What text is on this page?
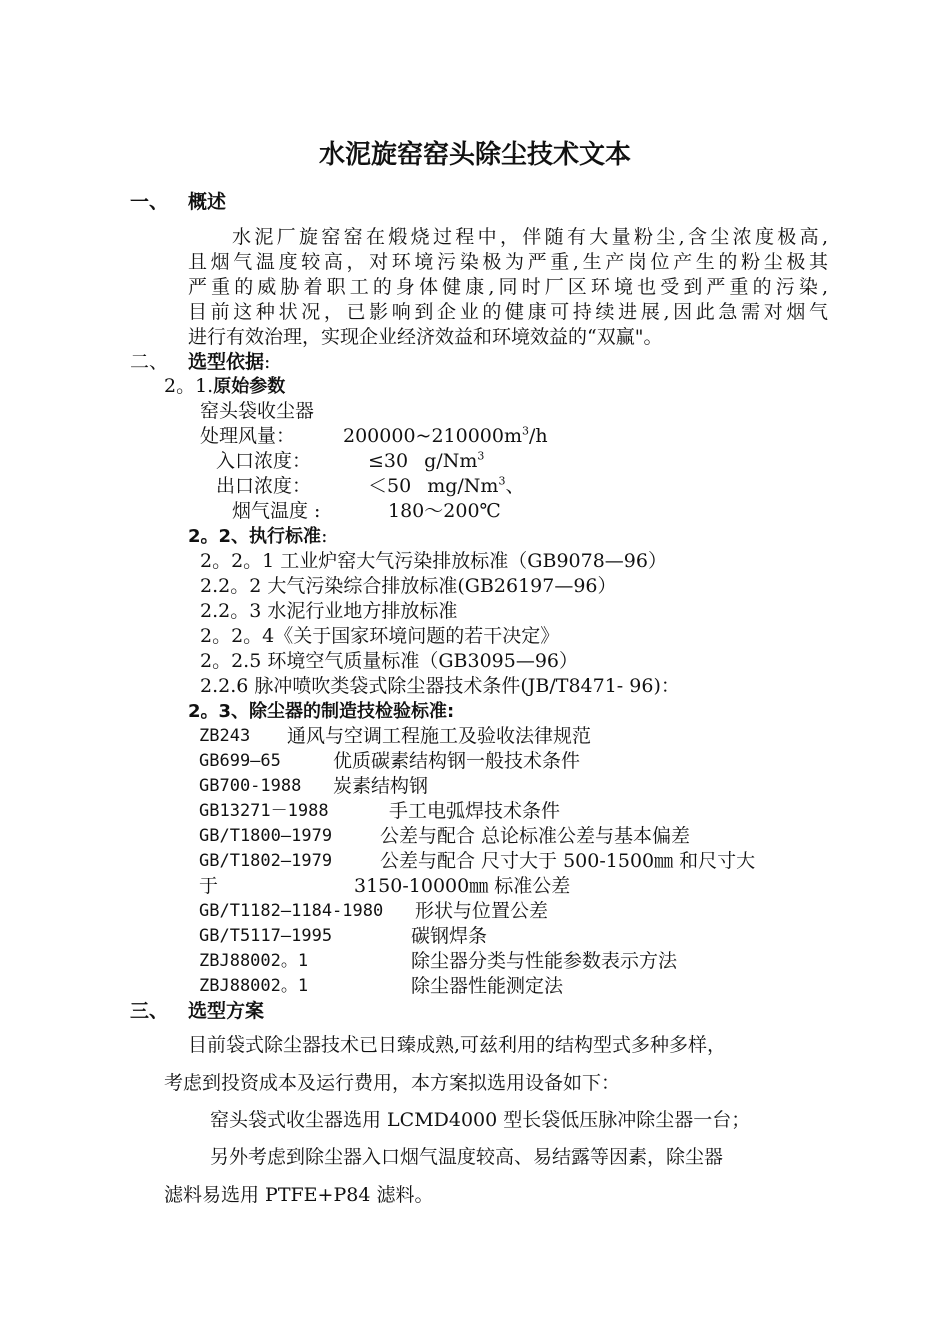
水泥旋窑窑头除尘技术文本
一、 概述
水泥厂旋窑窑在煅烧过程中，伴随有大量粉尘,含尘浓度极高,
且烟气温度较高，对环境污染极为严重,生产岗位产生的粉尘极其
严重的威胁着职工的身体健康,同时厂区环境也受到严重的污染,
目前这种状况，已影响到企业的健康可持续进展,因此急需对烟气
进行有效治理，实现企业经济效益和环境效益的“双赢"。
二、 选型依据:
2。1.原始参数
窑头袋收尘器
处理风量：	$200000\sim 210000m^3/h$
入口浓度：	≤30 g/Nm$^3$
出口浓度：	＜50 mg/Nm$^3$、
烟气温度 :	180～200℃
2。2、执行标准:
2。2。1 工业炉窑大气污染排放标准（GB9078—96）
2.2。2 大气污染综合排放标准(GB26197—96）
2.2。3 水泥行业地方排放标准
2。2。4《关于国家环境问题的若干决定》
2。2.5 环境空气质量标准（GB3095—96）
2.2.6 脉冲喷吹类袋式除尘器技术条件(JB/T8471- 96)：
2。3、除尘器的制造技检验标准:
ZB243 通风与空调工程施工及验收法律规范
GB699—65	优质碳素结构钢一般技术条件
GB700-1988 炭素结构钢
GB13271－1988	手工电弧焊技术条件
GB/T1800—1979	公差与配合 总论标准公差与基本偏差
GB/T1802—1979	公差与配合 尺寸大于 500-1500㎜ 和尺寸大
于	3150-10000㎜ 标准公差
GB/T1182—1184-1980 形状与位置公差
GB/T5117—1995	碳钢焊条
ZBJ88002。1	除尘器分类与性能参数表示方法
ZBJ88002。1	除尘器性能测定法
三、 选型方案
目前袋式除尘器技术已日臻成熟,可兹利用的结构型式多种多样，
考虑到投资成本及运行费用，本方案拟选用设备如下：
窑头袋式收尘器选用 LCMD4000 型长袋低压脉冲除尘器一台；
另外考虑到除尘器入口烟气温度较高、易结露等因素，除尘器
滤料易选用 PTFE+P84 滤料。
